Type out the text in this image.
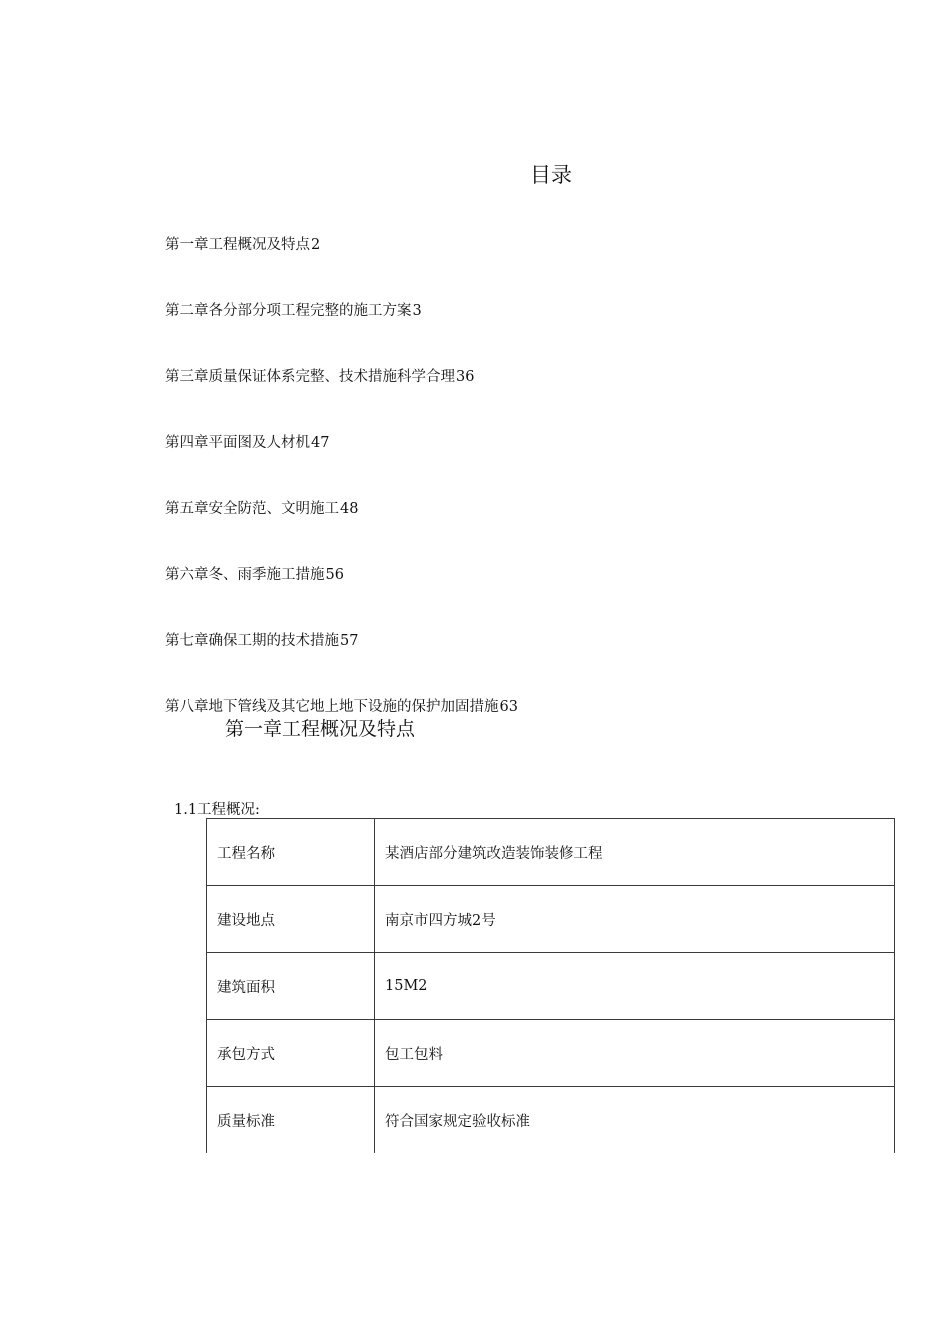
目录
第一章工程概况及特点2
第二章各分部分项工程完整的施工方案3
第三章质量保证体系完整、技术措施科学合理36
第四章平面图及人材机47
第五章安全防范、文明施工48
第六章冬、雨季施工措施56
第七章确保工期的技术措施57
第八章地下管线及其它地上地下设施的保护加固措施63
第一章工程概况及特点
1.1工程概况:
工程名称	某酒店部分建筑改造装饰装修工程
建设地点	南京市四方城2号
建筑面积	15M2
承包方式	包工包料
质量标准	符合国家规定验收标准
